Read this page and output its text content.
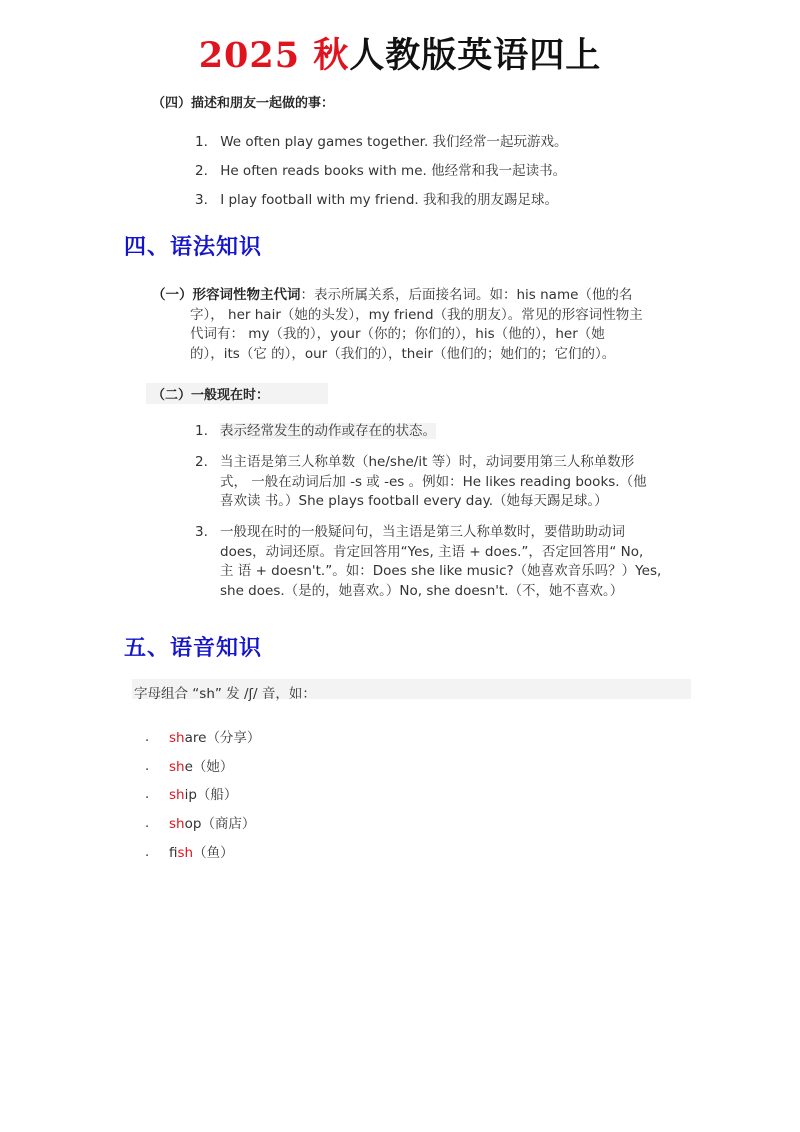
2025 秋人教版英语四上
（四）描述和朋友一起做的事：
1. We often play games together. 我们经常一起玩游戏。
2. He often reads books with me. 他经常和我一起读书。
3. I play football with my friend. 我和我的朋友踢足球。
四、语法知识
（一）形容词性物主代词：表示所属关系，后面接名词。如：his name（他的名
字）， her hair（她的头发），my friend（我的朋友）。常见的形容词性物主
代词有： my（我的），your（你的；你们的），his（他的），her（她
的），its（它 的），our（我们的），their（他们的；她们的；它们的）。
（二）一般现在时：
1. 表示经常发生的动作或存在的状态。
2. 当主语是第三人称单数（he/she/it 等）时，动词要用第三人称单数形
式， 一般在动词后加 -s 或 -es 。例如：He likes reading books.（他
喜欢读 书。）She plays football every day.（她每天踢足球。）
3. 一般现在时的一般疑问句，当主语是第三人称单数时，要借助助动词
does，动词还原。肯定回答用“Yes, 主语 + does.”，否定回答用“ No,
主 语 + doesn't.”。如：Does she like music?（她喜欢音乐吗？）Yes,
she does.（是的，她喜欢。）No, she doesn't.（不，她不喜欢。）
五、语音知识
字母组合 “sh” 发 /ʃ/ 音，如：
. share（分享）
. she（她）
. ship（船）
. shop（商店）
. fish（鱼）
